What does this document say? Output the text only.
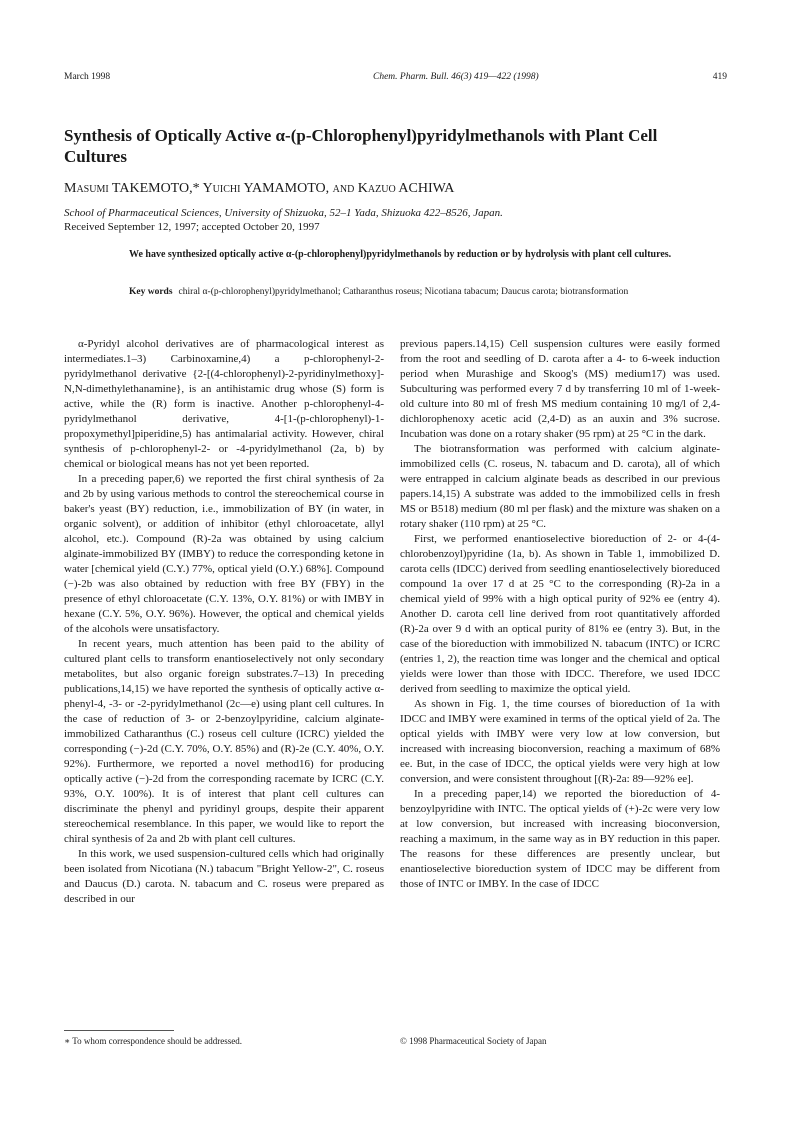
March 1998	Chem. Pharm. Bull. 46(3) 419—422 (1998)	419
Synthesis of Optically Active α-(p-Chlorophenyl)pyridylmethanols with Plant Cell Cultures
Masumi TAKEMOTO,* Yuichi YAMAMOTO, and Kazuo ACHIWA
School of Pharmaceutical Sciences, University of Shizuoka, 52–1 Yada, Shizuoka 422–8526, Japan.
Received September 12, 1997; accepted October 20, 1997

We have synthesized optically active α-(p-chlorophenyl)pyridylmethanols by reduction or by hydrolysis with plant cell cultures.

Key words chiral α-(p-chlorophenyl)pyridylmethanol; Catharanthus roseus; Nicotiana tabacum; Daucus carota; biotransformation

α-Pyridyl alcohol derivatives are of pharmacological interest as intermediates.1–3) Carbinoxamine,4) a p-chlorophenyl-2-pyridylmethanol derivative {2-[(4-chlorophenyl)-2-pyridinylmethoxy]-N,N-dimethylethanamine}, is an antihistamic drug whose (S) form is active, while the (R) form is inactive. Another p-chlorophenyl-4-pyridylmethanol derivative, 4-[1-(p-chlorophenyl)-1-propoxymethyl]piperidine,5) has antimalarial activity. However, chiral synthesis of p-chlorophenyl-2- or -4-pyridylmethanol (2a, b) by chemical or biological means has not yet been reported.

In a preceding paper,6) we reported the first chiral synthesis of 2a and 2b by using various methods to control the stereochemical course in baker's yeast (BY) reduction, i.e., immobilization of BY (in water, in organic solvent), or addition of inhibitor (ethyl chloroacetate, allyl alcohol, etc.). Compound (R)-2a was obtained by using calcium alginate-immobilized BY (IMBY) to reduce the corresponding ketone in water [chemical yield (C.Y.) 77%, optical yield (O.Y.) 68%]. Compound (−)-2b was also obtained by reduction with free BY (FBY) in the presence of ethyl chloroacetate (C.Y. 13%, O.Y. 81%) or with IMBY in hexane (C.Y. 5%, O.Y. 96%). However, the optical and chemical yields of the alcohols were unsatisfactory.

In recent years, much attention has been paid to the ability of cultured plant cells to transform enantioselectively not only secondary metabolites, but also organic foreign substrates.7–13) In preceding publications,14,15) we have reported the synthesis of optically active α-phenyl-4, -3- or -2-pyridylmethanol (2c—e) using plant cell cultures. In the case of reduction of 3- or 2-benzoylpyridine, calcium alginate-immobilized Catharanthus (C.) roseus cell culture (ICRC) yielded the corresponding (−)-2d (C.Y. 70%, O.Y. 85%) and (R)-2e (C.Y. 40%, O.Y. 92%). Furthermore, we reported a novel method16) for producing optically active (−)-2d from the corresponding racemate by ICRC (C.Y. 93%, O.Y. 100%). It is of interest that plant cell cultures can discriminate the phenyl and pyridinyl groups, despite their apparent stereochemical resemblance. In this paper, we would like to report the chiral synthesis of 2a and 2b with plant cell cultures.

In this work, we used suspension-cultured cells which had originally been isolated from Nicotiana (N.) tabacum "Bright Yellow-2", C. roseus and Daucus (D.) carota. N. tabacum and C. roseus were prepared as described in our

previous papers.14,15) Cell suspension cultures were easily formed from the root and seedling of D. carota after a 4- to 6-week induction period when Murashige and Skoog's (MS) medium17) was used. Subculturing was performed every 7 d by transferring 10 ml of 1-week-old culture into 80 ml of fresh MS medium containing 10 mg/l of 2,4-dichlorophenoxy acetic acid (2,4-D) as an auxin and 3% sucrose. Incubation was done on a rotary shaker (95 rpm) at 25 °C in the dark.

The biotransformation was performed with calcium alginate-immobilized cells (C. roseus, N. tabacum and D. carota), all of which were entrapped in calcium alginate beads as described in our previous papers.14,15) A substrate was added to the immobilized cells in fresh MS or B518) medium (80 ml per flask) and the mixture was shaken on a rotary shaker (110 rpm) at 25 °C.

First, we performed enantioselective bioreduction of 2- or 4-(4-chlorobenzoyl)pyridine (1a, b). As shown in Table 1, immobilized D. carota cells (IDCC) derived from seedling enantioselectively bioreduced compound 1a over 17 d at 25 °C to the corresponding (R)-2a in a chemical yield of 99% with a high optical purity of 92% ee (entry 4). Another D. carota cell line derived from root quantitatively afforded (R)-2a over 9 d with an optical purity of 81% ee (entry 3). But, in the case of the bioreduction with immobilized N. tabacum (INTC) or ICRC (entries 1, 2), the reaction time was longer and the chemical and optical yields were lower than those with IDCC. Therefore, we used IDCC derived from seedling to maximize the optical yield.

As shown in Fig. 1, the time courses of bioreduction of 1a with IDCC and IMBY were examined in terms of the optical yield of 2a. The optical yields with IMBY were very low at low conversion, but increased with increasing bioconversion, reaching a maximum of 68% ee. But, in the case of IDCC, the optical yields were very high at low conversion, and were consistent throughout [(R)-2a: 89—92% ee].

In a preceding paper,14) we reported the bioreduction of 4-benzoylpyridine with INTC. The optical yields of (+)-2c were very low at low conversion, but increased with increasing bioconversion, reaching a maximum, in the same way as in BY reduction in this paper. The reasons for these differences are presently unclear, but enantioselective bioreduction system of IDCC may be different from those of INTC or IMBY. In the case of IDCC

∗ To whom correspondence should be addressed.	© 1998 Pharmaceutical Society of Japan
